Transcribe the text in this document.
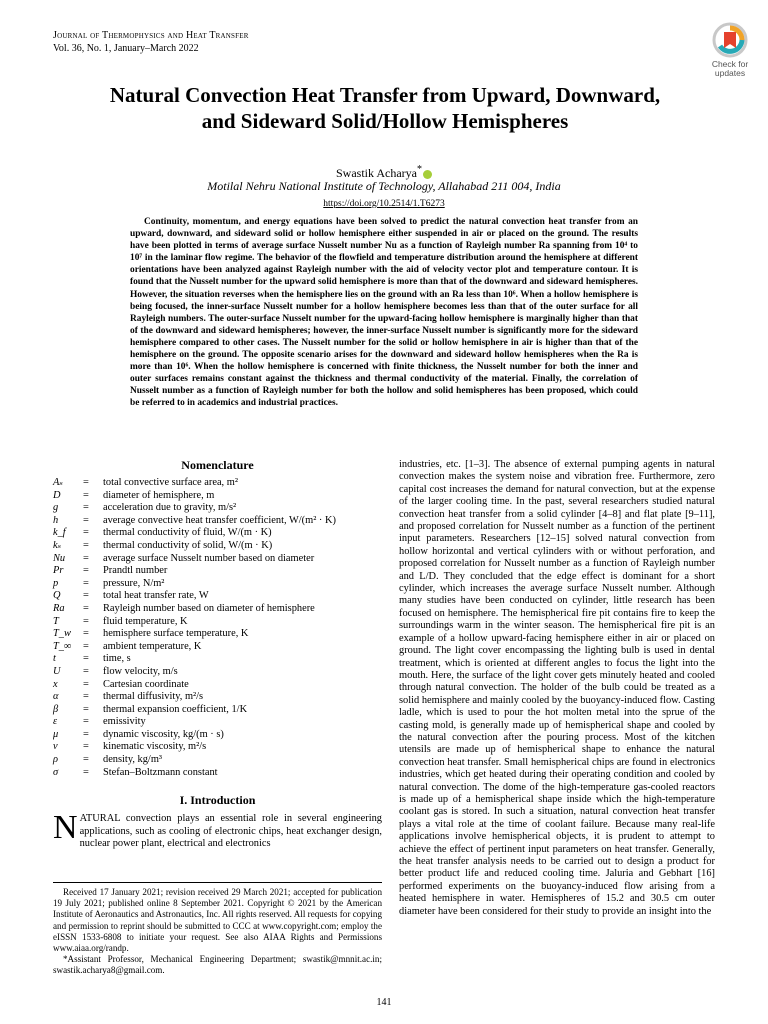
Journal of Thermophysics and Heat Transfer
Vol. 36, No. 1, January–March 2022
Check for
updates
Natural Convection Heat Transfer from Upward, Downward,
and Sideward Solid/Hollow Hemispheres
Swastik Acharya*
Motilal Nehru National Institute of Technology, Allahabad 211 004, India
https://doi.org/10.2514/1.T6273
Continuity, momentum, and energy equations have been solved to predict the natural convection heat transfer from an upward, downward, and sideward solid or hollow hemisphere either suspended in air or placed on the ground. The results have been plotted in terms of average surface Nusselt number Nu as a function of Rayleigh number Ra spanning from 10⁴ to 10⁷ in the laminar flow regime. The behavior of the flowfield and temperature distribution around the hemisphere at different orientations have been analyzed against Rayleigh number with the aid of velocity vector plot and temperature contour. It is found that the Nusselt number for the upward solid hemisphere is more than that of the downward and sideward hemispheres. However, the situation reverses when the hemisphere lies on the ground with an Ra less than 10⁶. When a hollow hemisphere is being focused, the inner-surface Nusselt number for a hollow hemisphere becomes less than that of the outer surface for all Rayleigh numbers. The outer-surface Nusselt number for the upward-facing hollow hemisphere is marginally higher than that of the downward and sideward hemispheres; however, the inner-surface Nusselt number is significantly more for the sideward hemisphere compared to other cases. The Nusselt number for the solid or hollow hemisphere in air is higher than that of the hemisphere on the ground. The opposite scenario arises for the downward and sideward hollow hemispheres when the Ra is more than 10⁶. When the hollow hemisphere is concerned with finite thickness, the Nusselt number for both the inner and outer surfaces remains constant against the thickness and thermal conductivity of the material. Finally, the correlation of Nusselt number as a function of Rayleigh number for both the hollow and solid hemispheres has been proposed, which could be referred to in academics and industrial practices.
Nomenclature
Aₛ	=	total convective surface area, m²
D	=	diameter of hemisphere, m
g	=	acceleration due to gravity, m/s²
h	=	average convective heat transfer coefficient, W/(m² · K)
k_f	=	thermal conductivity of fluid, W/(m · K)
kₛ	=	thermal conductivity of solid, W/(m · K)
Nu	=	average surface Nusselt number based on diameter
Pr	=	Prandtl number
p	=	pressure, N/m²
Q	=	total heat transfer rate, W
Ra	=	Rayleigh number based on diameter of hemisphere
T	=	fluid temperature, K
T_w	=	hemisphere surface temperature, K
T_∞	=	ambient temperature, K
t	=	time, s
U	=	flow velocity, m/s
x	=	Cartesian coordinate
α	=	thermal diffusivity, m²/s
β	=	thermal expansion coefficient, 1/K
ε	=	emissivity
μ	=	dynamic viscosity, kg/(m · s)
ν	=	kinematic viscosity, m²/s
ρ	=	density, kg/m³
σ	=	Stefan–Boltzmann constant
I. Introduction
NATURAL convection plays an essential role in several engineering applications, such as cooling of electronic chips, heat exchanger design, nuclear power plant, electrical and electronics

Received 17 January 2021; revision received 29 March 2021; accepted for publication 19 July 2021; published online 8 September 2021. Copyright © 2021 by the American Institute of Aeronautics and Astronautics, Inc. All rights reserved. All requests for copying and permission to reprint should be submitted to CCC at www.copyright.com; employ the eISSN 1533-6808 to initiate your request. See also AIAA Rights and Permissions www.aiaa.org/randp.

*Assistant Professor, Mechanical Engineering Department; swastik@mnnit.ac.in; swastik.acharya8@gmail.com.

industries, etc. [1–3]. The absence of external pumping agents in natural convection makes the system noise and vibration free. Furthermore, zero capital cost increases the demand for natural convection, but at the expense of the larger cooling time. In the past, several researchers studied natural convection heat transfer from a solid cylinder [4–8] and flat plate [9–11], and proposed correlation for Nusselt number as a function of the pertinent input parameters. Researchers [12–15] solved natural convection from hollow horizontal and vertical cylinders with or without perforation, and proposed correlation for Nusselt number as a function of Rayleigh number and L/D. They concluded that the edge effect is dominant for a short cylinder, which increases the average surface Nusselt number. Although many studies have been conducted on cylinder, little research has been focused on hemisphere. The hemispherical fire pit contains fire to keep the surroundings warm in the winter season. The hemispherical fire pit is an example of a hollow upward-facing hemisphere either in air or placed on ground. The light cover encompassing the lighting bulb is used in dental treatment, which is oriented at different angles to focus the light into the mouth. Here, the surface of the light cover gets minutely heated and cooled through natural convection. The holder of the bulb could be treated as a solid hemisphere and mainly cooled by the buoyancy-induced flow. Casting ladle, which is used to pour the hot molten metal into the sprue of the casting mold, is generally made up of hemispherical shape and cooled by the natural convection after the pouring process. Most of the kitchen utensils are made up of hemispherical shape to enhance the natural convection heat transfer. Small hemispherical chips are found in electronics industries, which get heated during their operating condition and cooled by natural convection. The dome of the high-temperature gas-cooled reactors is made up of a hemispherical shape inside which the high-temperature coolant gas is stored. In such a situation, natural convection heat transfer plays a vital role at the time of coolant failure. Because many real-life applications involve hemispherical objects, it is prudent to attempt to achieve the effect of pertinent input parameters on heat transfer. Generally, the heat transfer analysis needs to be carried out to design a product for better product life and reduced cooling time. Jaluria and Gebhart [16] performed experiments on the buoyancy-induced flow arising from a heated hemisphere in water. Hemispheres of 15.2 and 30.5 cm outer diameter have been considered for their study to provide an insight into the
141
